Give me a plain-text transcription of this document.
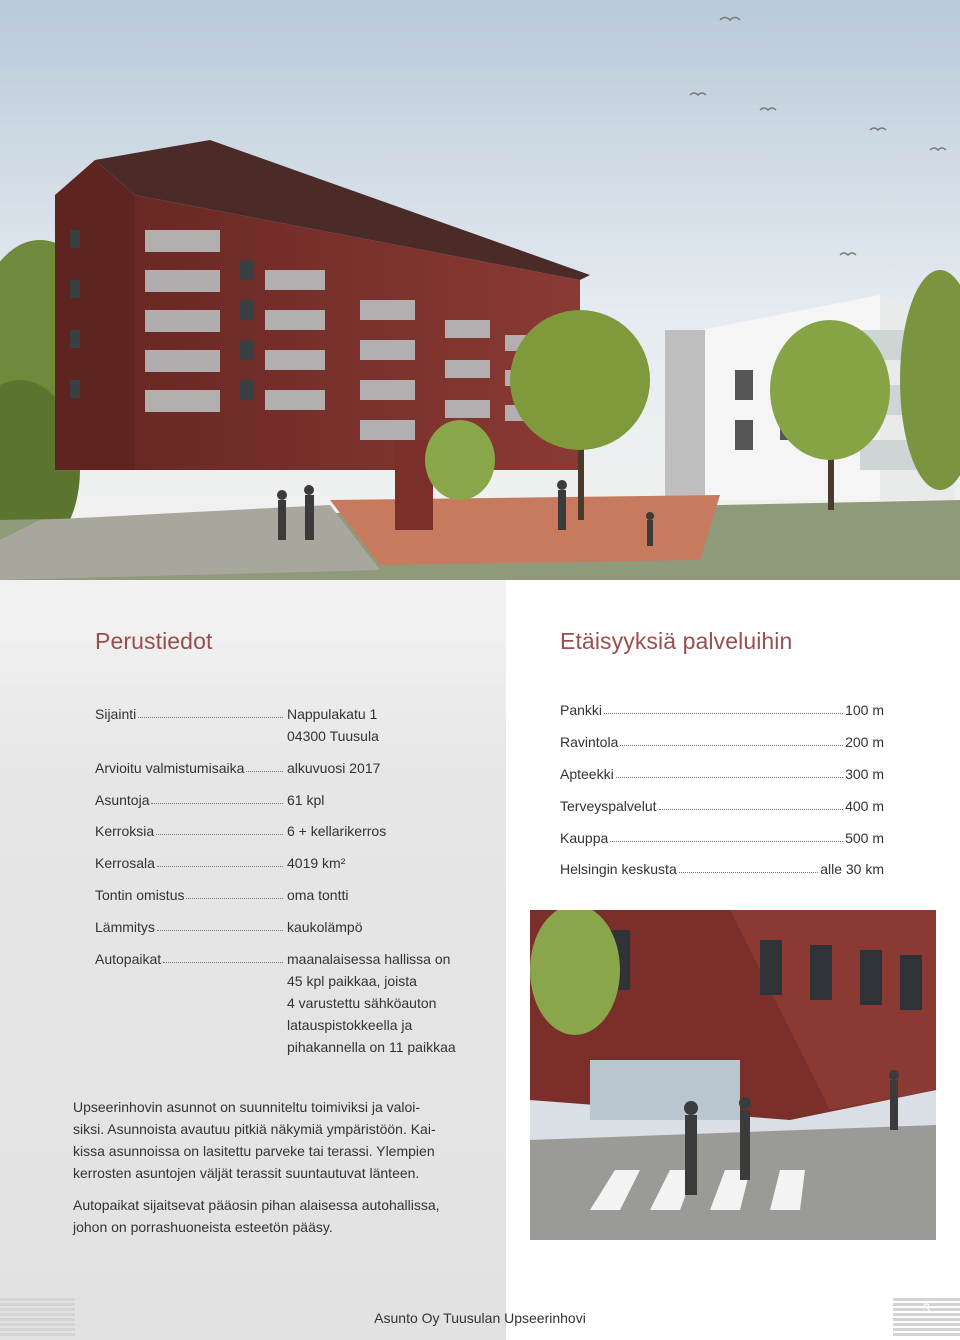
Perustiedot	Etäisyyksiä palveluihin
Sijainti	Nappulakatu 1
04300 Tuusula
Arvioitu valmistumisaika	alkuvuosi 2017
Asuntoja	61 kpl
Kerroksia	6 + kellarikerros
Kerrosala	4019 km²
Tontin omistus	oma tontti
Lämmitys	kaukolämpö
Autopaikat	maanalaisessa hallissa on
45 kpl paikkaa, joista
4 varustettu sähköauton
latauspistokkeella ja
pihakannella on 11 paikkaa
Pankki	100 m
Ravintola	200 m
Apteekki	300 m
Terveyspalvelut	400 m
Kauppa	500 m
Helsingin keskusta	alle 30 km

Upseerinhovin asunnot on suunniteltu toimiviksi ja valoi-
siksi. Asunnoista avautuu pitkiä näkymiä ympäristöön. Kai-
kissa asunnoissa on lasitettu parveke tai terassi. Ylempien
kerrosten asuntojen väljät terassit suuntautuvat länteen.

Autopaikat sijaitsevat pääosin pihan alaisessa autohallissa,
johon on porrashuoneista esteetön pääsy.

Asunto Oy Tuusulan Upseerinhovi
3
